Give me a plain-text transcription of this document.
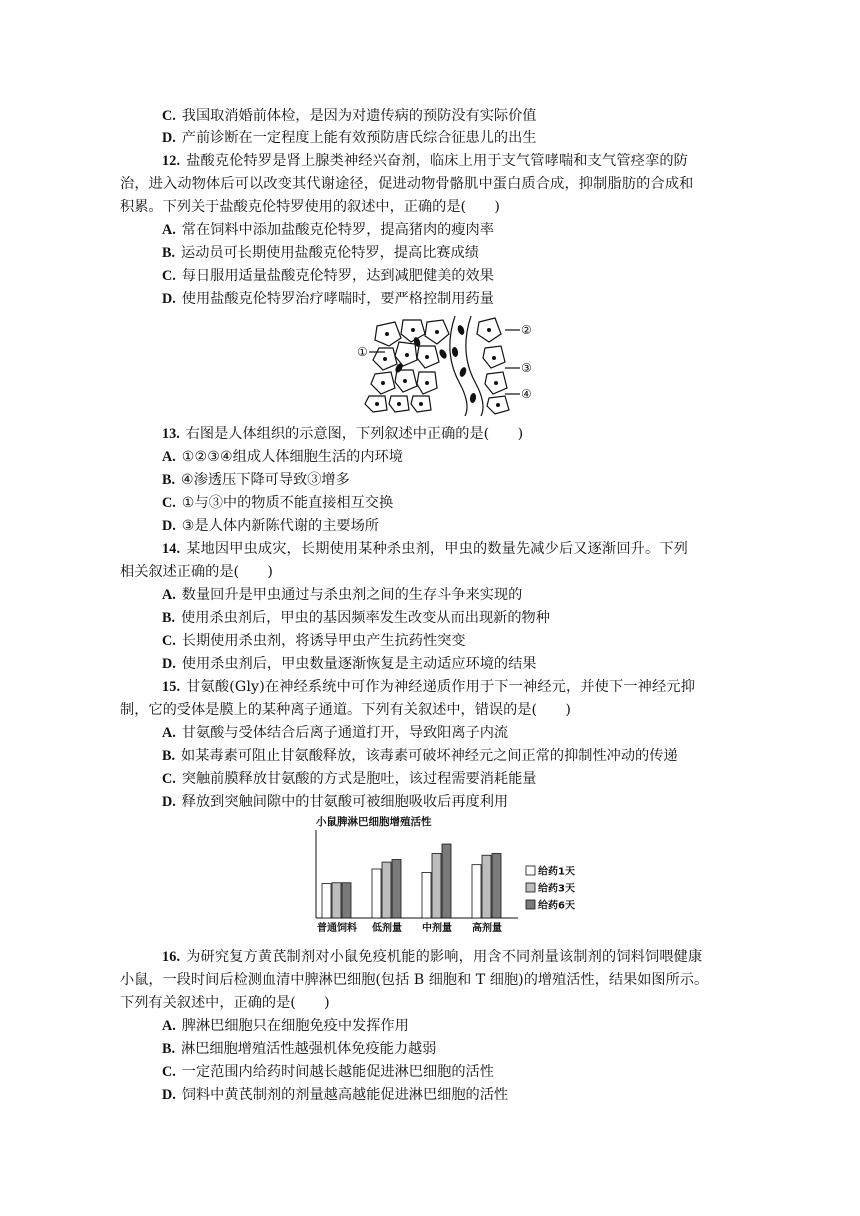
C. 我国取消婚前体检，是因为对遗传病的预防没有实际价值
D. 产前诊断在一定程度上能有效预防唐氏综合征患儿的出生
12. 盐酸克伦特罗是肾上腺类神经兴奋剂，临床上用于支气管哮喘和支气管痉挛的防
治，进入动物体后可以改变其代谢途径，促进动物骨骼肌中蛋白质合成，抑制脂肪的合成和
积累。下列关于盐酸克伦特罗使用的叙述中，正确的是(　　)
A. 常在饲料中添加盐酸克伦特罗，提高猪肉的瘦肉率
B. 运动员可长期使用盐酸克伦特罗，提高比赛成绩
C. 每日服用适量盐酸克伦特罗，达到减肥健美的效果
D. 使用盐酸克伦特罗治疗哮喘时，要严格控制用药量
②
①
③
④
13. 右图是人体组织的示意图，下列叙述中正确的是(　　)
A. ①②③④组成人体细胞生活的内环境
B. ④渗透压下降可导致③增多
C. ①与③中的物质不能直接相互交换
D. ③是人体内新陈代谢的主要场所
14. 某地因甲虫成灾，长期使用某种杀虫剂，甲虫的数量先减少后又逐渐回升。下列
相关叙述正确的是(　　)
A. 数量回升是甲虫通过与杀虫剂之间的生存斗争来实现的
B. 使用杀虫剂后，甲虫的基因频率发生改变从而出现新的物种
C. 长期使用杀虫剂，将诱导甲虫产生抗药性突变
D. 使用杀虫剂后，甲虫数量逐渐恢复是主动适应环境的结果
15. 甘氨酸(Gly)在神经系统中可作为神经递质作用于下一神经元，并使下一神经元抑
制，它的受体是膜上的某种离子通道。下列有关叙述中，错误的是(　　)
A. 甘氨酸与受体结合后离子通道打开，导致阳离子内流
B. 如某毒素可阻止甘氨酸释放，该毒素可破坏神经元之间正常的抑制性冲动的传递
C. 突触前膜释放甘氨酸的方式是胞吐，该过程需要消耗能量
D. 释放到突触间隙中的甘氨酸可被细胞吸收后再度利用
小鼠脾淋巴细胞增殖活性
普通饲料 低剂量 中剂量 高剂量
给药1天
给药3天
给药6天
16. 为研究复方黄芪制剂对小鼠免疫机能的影响，用含不同剂量该制剂的饲料饲喂健康
小鼠，一段时间后检测血清中脾淋巴细胞(包括 B 细胞和 T 细胞)的增殖活性，结果如图所示。
下列有关叙述中，正确的是(　　)
A. 脾淋巴细胞只在细胞免疫中发挥作用
B. 淋巴细胞增殖活性越强机体免疫能力越弱
C. 一定范围内给药时间越长越能促进淋巴细胞的活性
D. 饲料中黄芪制剂的剂量越高越能促进淋巴细胞的活性
